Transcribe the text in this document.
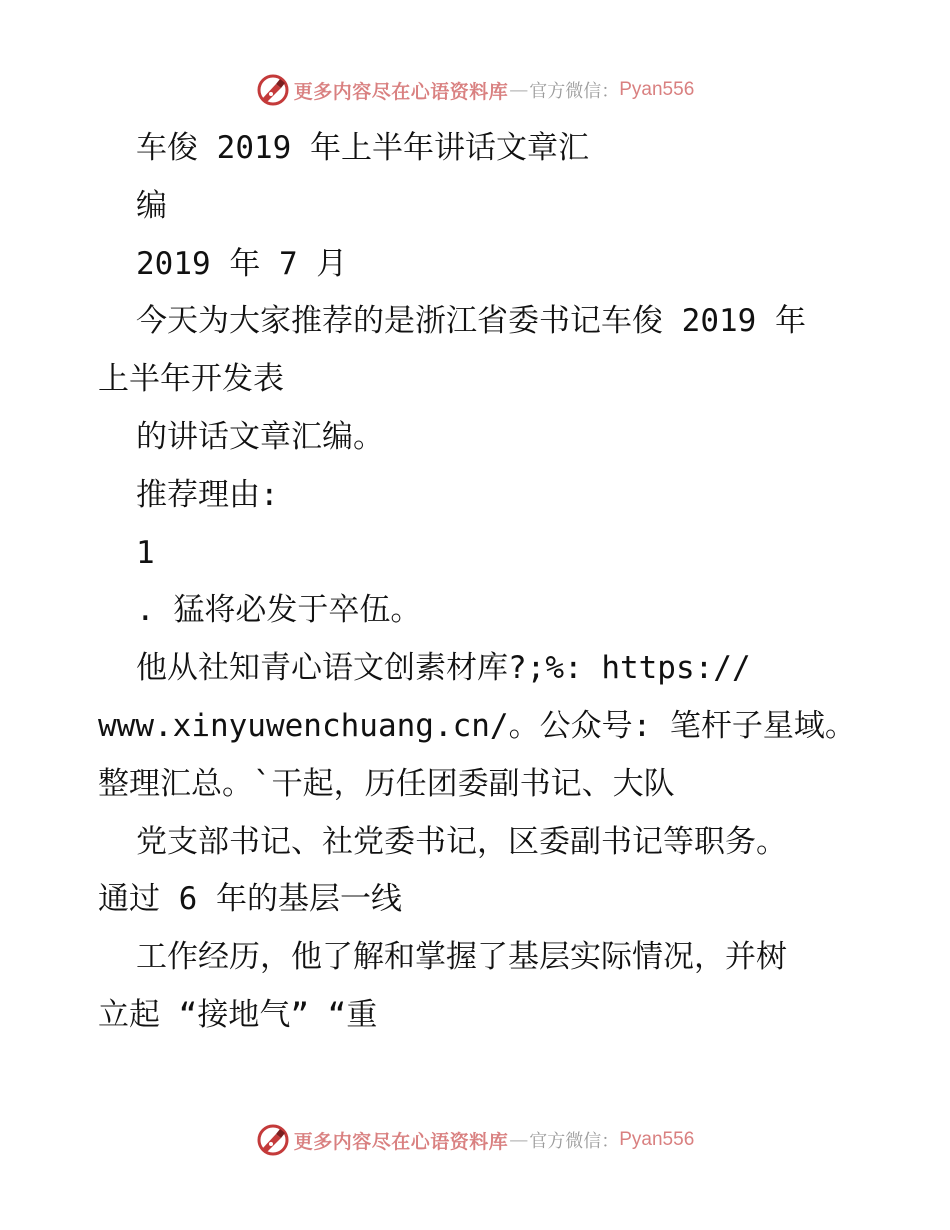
更多内容尽在心语资料库 — 官方微信： Pyan556
车俊 2019 年上半年讲话文章汇
编
2019 年 7 月
今天为大家推荐的是浙江省委书记车俊 2019 年
上半年开发表
的讲话文章汇编。
推荐理由:
1
. 猛将必发于卒伍。
他从社知青心语文创素材库?;%: https://
www.xinyuwenchuang.cn/。公众号: 笔杆子星域。
整理汇总。`干起，历任团委副书记、大队
党支部书记、社党委书记，区委副书记等职务。
通过 6 年的基层一线
工作经历，他了解和掌握了基层实际情况，并树
立起 “接地气” “重
更多内容尽在心语资料库 — 官方微信： Pyan556
